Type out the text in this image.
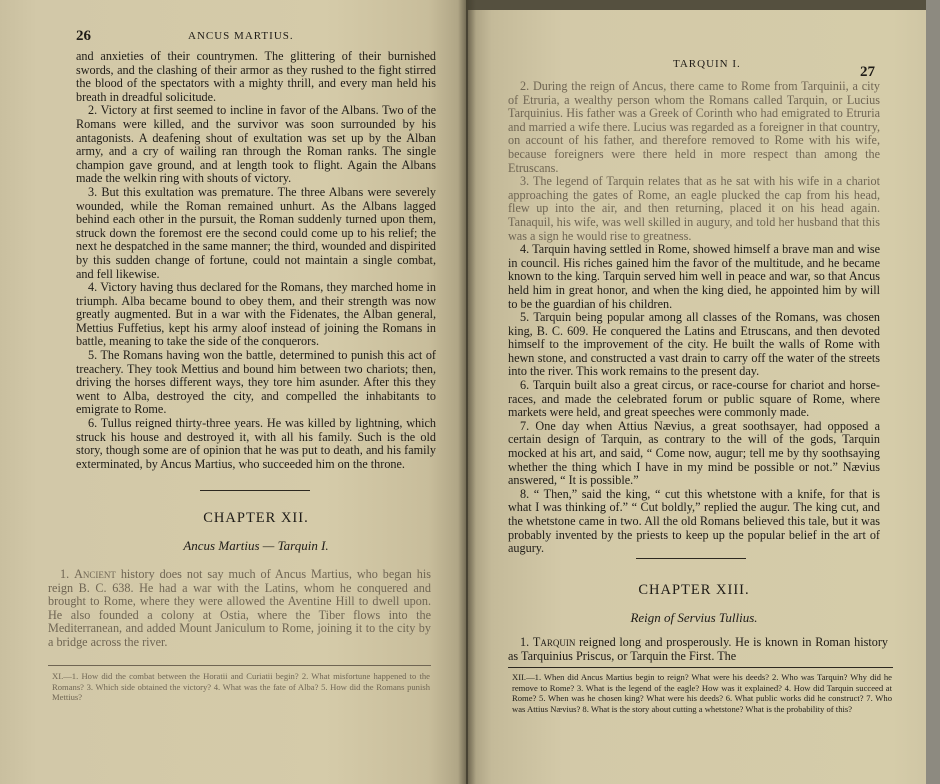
26	ANCUS MARTIUS.

and anxieties of their countrymen. The glittering of their burnished swords, and the clashing of their armor as they rushed to the fight stirred the blood of the spectators with a mighty thrill, and every man held his breath in dreadful solicitude.

2. Victory at first seemed to incline in favor of the Albans. Two of the Romans were killed, and the survivor was soon surrounded by his antagonists. A deafening shout of exultation was set up by the Alban army, and a cry of wailing ran through the Roman ranks. The single champion gave ground, and at length took to flight. Again the Albans made the welkin ring with shouts of victory.

3. But this exultation was premature. The three Albans were severely wounded, while the Roman remained unhurt. As the Albans lagged behind each other in the pursuit, the Roman suddenly turned upon them, struck down the foremost ere the second could come up to his relief; the next he despatched in the same manner; the third, wounded and dispirited by this sudden change of fortune, could not maintain a single combat, and fell likewise.

4. Victory having thus declared for the Romans, they marched home in triumph. Alba became bound to obey them, and their strength was now greatly augmented. But in a war with the Fidenates, the Alban general, Mettius Fuffetius, kept his army aloof instead of joining the Romans in battle, meaning to take the side of the conquerors.

5. The Romans having won the battle, determined to punish this act of treachery. They took Mettius and bound him between two chariots; then, driving the horses different ways, they tore him asunder. After this they went to Alba, destroyed the city, and compelled the inhabitants to emigrate to Rome.

6. Tullus reigned thirty-three years. He was killed by lightning, which struck his house and destroyed it, with all his family. Such is the old story, though some are of opinion that he was put to death, and his family exterminated, by Ancus Martius, who succeeded him on the throne.

CHAPTER XII.
Ancus Martius — Tarquin I.

1. Ancient history does not say much of Ancus Martius, who began his reign B. C. 638. He had a war with the Latins, whom he conquered and brought to Rome, where they were allowed the Aventine Hill to dwell upon. He also founded a colony at Ostia, where the Tiber flows into the Mediterranean, and added Mount Janiculum to Rome, joining it to the city by a bridge across the river.

XI.—1. How did the combat between the Horatii and Curiatii begin? 2. What misfortune happened to the Romans? 3. Which side obtained the victory? 4. What was the fate of Alba? 5. How did the Romans punish Mettius?

TARQUIN I.	27

2. During the reign of Ancus, there came to Rome from Tarquinii, a city of Etruria, a wealthy person whom the Romans called Tarquin, or Lucius Tarquinius. His father was a Greek of Corinth who had emigrated to Etruria and married a wife there. Lucius was regarded as a foreigner in that country, on account of his father, and therefore removed to Rome with his wife, because foreigners were there held in more respect than among the Etruscans.

3. The legend of Tarquin relates that as he sat with his wife in a chariot approaching the gates of Rome, an eagle plucked the cap from his head, flew up into the air, and then returning, placed it on his head again. Tanaquil, his wife, was well skilled in augury, and told her husband that this was a sign he would rise to greatness.

4. Tarquin having settled in Rome, showed himself a brave man and wise in council. His riches gained him the favor of the multitude, and he became known to the king. Tarquin served him well in peace and war, so that Ancus held him in great honor, and when the king died, he appointed him by will to be the guardian of his children.

5. Tarquin being popular among all classes of the Romans, was chosen king, B. C. 609. He conquered the Latins and Etruscans, and then devoted himself to the improvement of the city. He built the walls of Rome with hewn stone, and constructed a vast drain to carry off the water of the streets into the river. This work remains to the present day.

6. Tarquin built also a great circus, or race-course for chariot and horse-races, and made the celebrated forum or public square of Rome, where markets were held, and great speeches were commonly made.

7. One day when Attius Nævius, a great soothsayer, had opposed a certain design of Tarquin, as contrary to the will of the gods, Tarquin mocked at his art, and said, “ Come now, augur; tell me by thy soothsaying whether the thing which I have in my mind be possible or not.” Nævius answered, “ It is possible.”

8. “ Then,” said the king, “ cut this whetstone with a knife, for that is what I was thinking of.” “ Cut boldly,” replied the augur. The king cut, and the whetstone came in two. All the old Romans believed this tale, but it was probably invented by the priests to keep up the popular belief in the art of augury.

CHAPTER XIII.
Reign of Servius Tullius.

1. Tarquin reigned long and prosperously. He is known in Roman history as Tarquinius Priscus, or Tarquin the First. The

XII.—1. When did Ancus Martius begin to reign? What were his deeds? 2. Who was Tarquin? Why did he remove to Rome? 3. What is the legend of the eagle? How was it explained? 4. How did Tarquin succeed at Rome? 5. When was he chosen king? What were his deeds? 6. What public works did he construct? 7. Who was Attius Nævius? 8. What is the story about cutting a whetstone? What is the probability of this?
